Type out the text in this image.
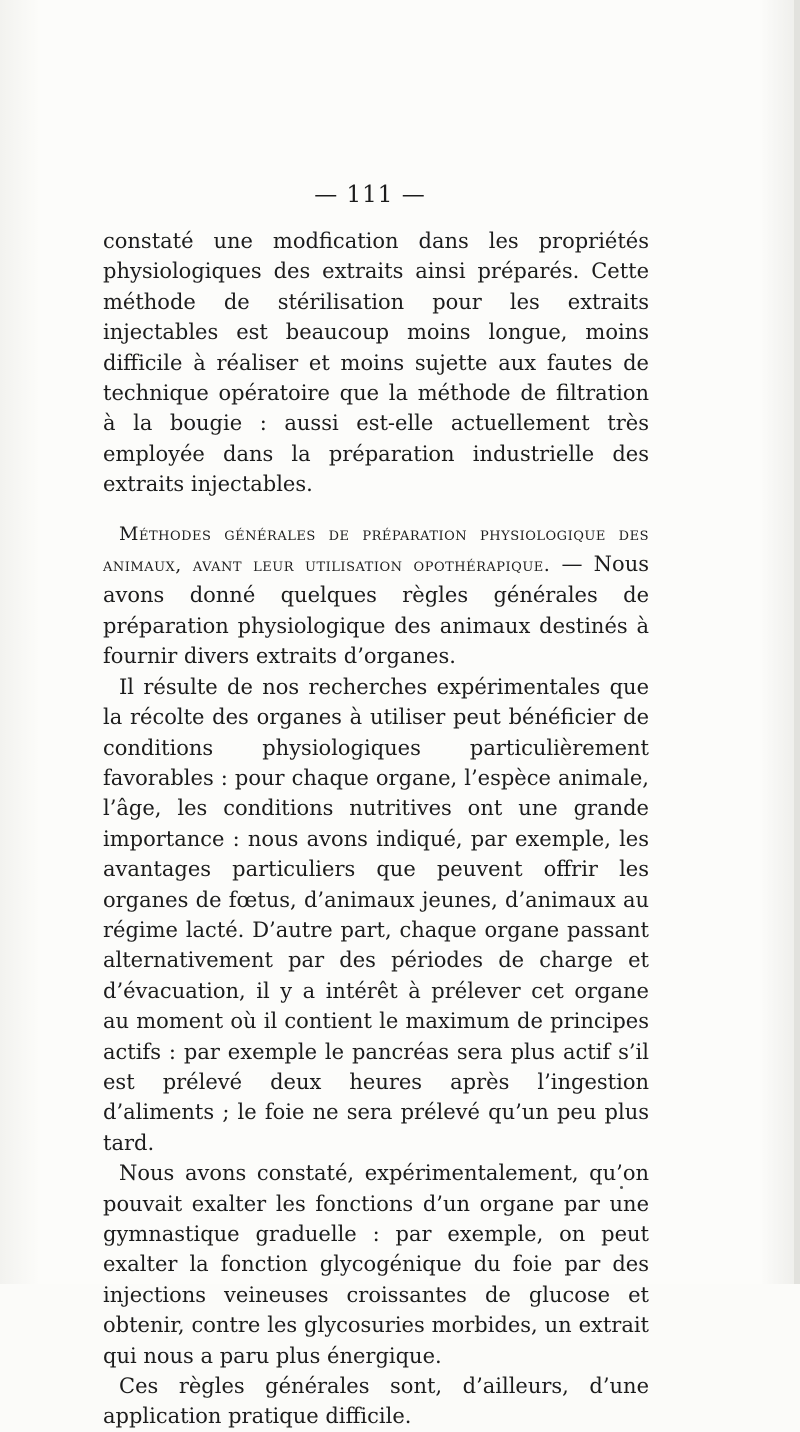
— 111 —

constaté une modfication dans les propriétés physiologiques des extraits ainsi préparés. Cette méthode de stérilisation pour les extraits injectables est beaucoup moins longue, moins difficile à réaliser et moins sujette aux fautes de technique opératoire que la méthode de filtration à la bougie : aussi est-elle actuellement très employée dans la préparation industrielle des extraits injectables.

Méthodes générales de préparation physiologique des animaux, avant leur utilisation opothérapique. — Nous avons donné quelques règles générales de préparation physiologique des animaux destinés à fournir divers extraits d’organes.

Il résulte de nos recherches expérimentales que la récolte des organes à utiliser peut bénéficier de conditions physiologiques particulièrement favorables : pour chaque organe, l’espèce animale, l’âge, les conditions nutritives ont une grande importance : nous avons indiqué, par exemple, les avantages particuliers que peuvent offrir les organes de fœtus, d’animaux jeunes, d’animaux au régime lacté. D’autre part, chaque organe passant alternativement par des périodes de charge et d’évacuation, il y a intérêt à prélever cet organe au moment où il contient le maximum de principes actifs : par exemple le pancréas sera plus actif s’il est prélevé deux heures après l’ingestion d’aliments ; le foie ne sera prélevé qu’un peu plus tard.

Nous avons constaté, expérimentalement, qu’on pouvait exalter les fonctions d’un organe par une gymnastique graduelle : par exemple, on peut exalter la fonction glycogénique du foie par des injections veineuses croissantes de glucose et obtenir, contre les glycosuries morbides, un extrait qui nous a paru plus énergique.

Ces règles générales sont, d’ailleurs, d’une application pratique difficile.
